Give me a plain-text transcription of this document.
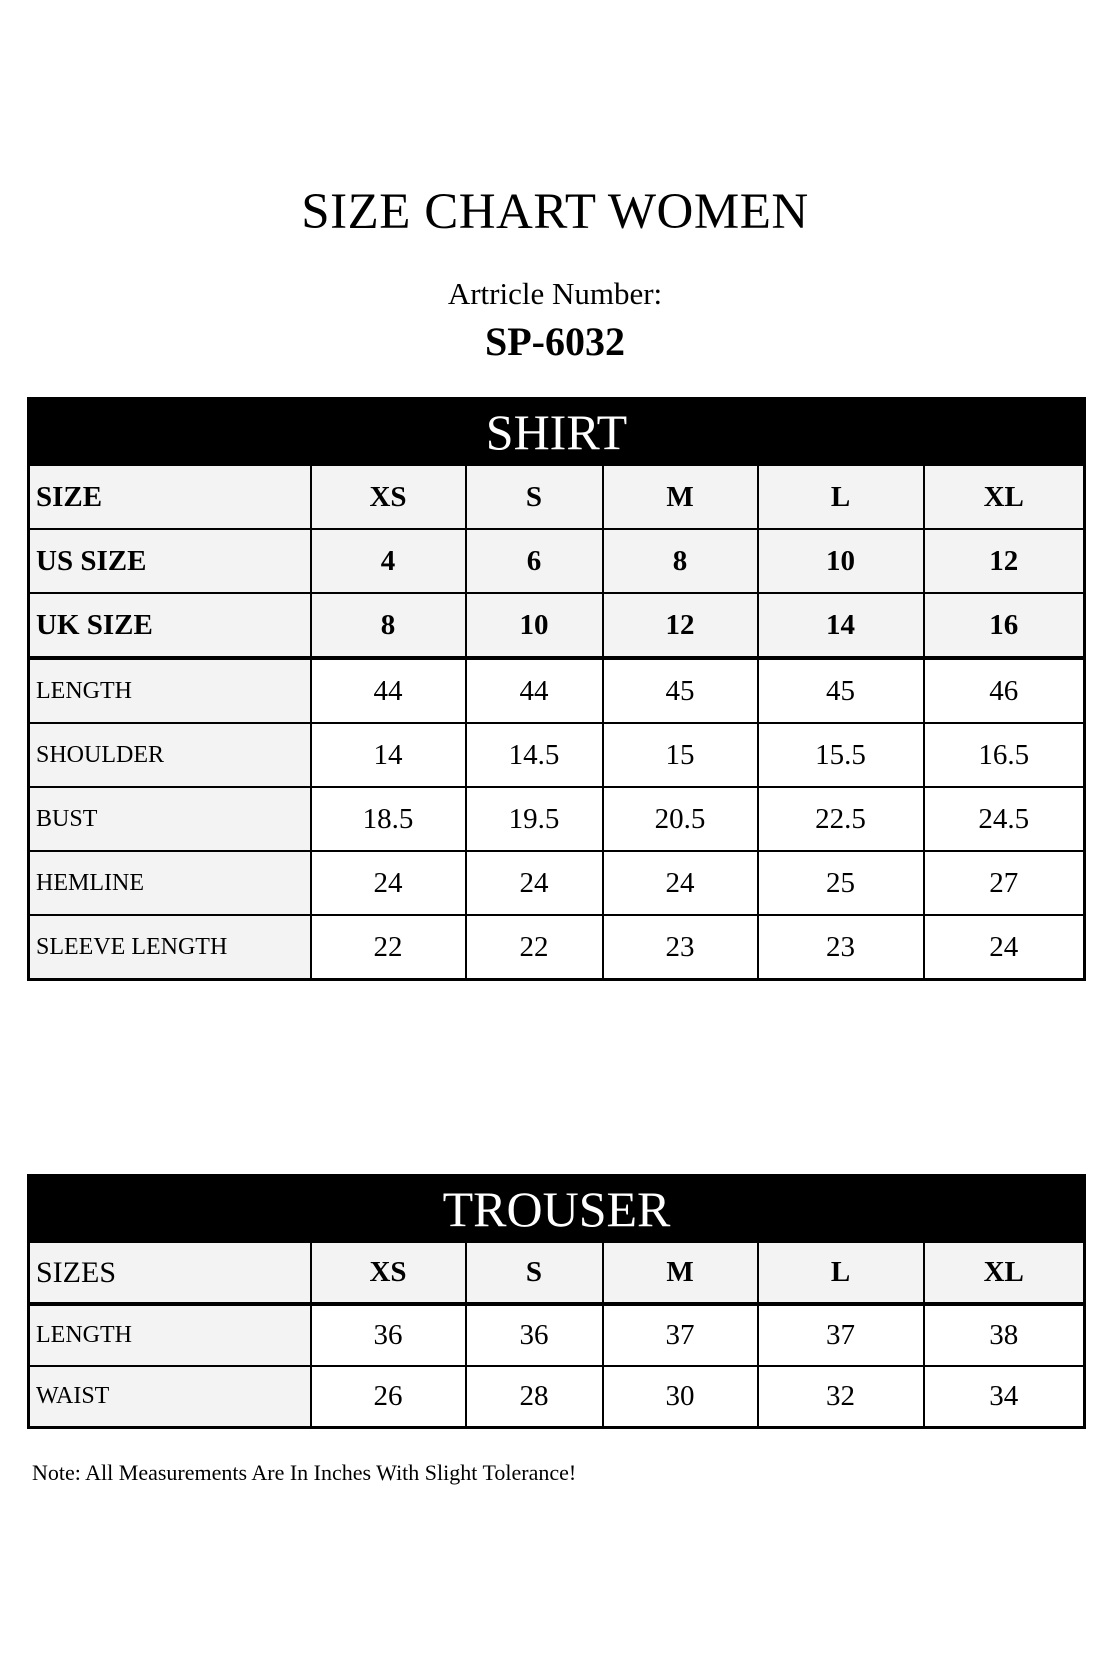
SIZE CHART WOMEN
Artricle Number:
SP-6032
SHIRT					
SIZE	XS	S	M	L	XL
US SIZE	4	6	8	10	12
UK SIZE	8	10	12	14	16
LENGTH	44	44	45	45	46
SHOULDER	14	14.5	15	15.5	16.5
BUST	18.5	19.5	20.5	22.5	24.5
HEMLINE	24	24	24	25	27
SLEEVE LENGTH	22	22	23	23	24
TROUSER					
SIZES	XS	S	M	L	XL
LENGTH	36	36	37	37	38
WAIST	26	28	30	32	34
Note: All Measurements Are In Inches With Slight Tolerance!
